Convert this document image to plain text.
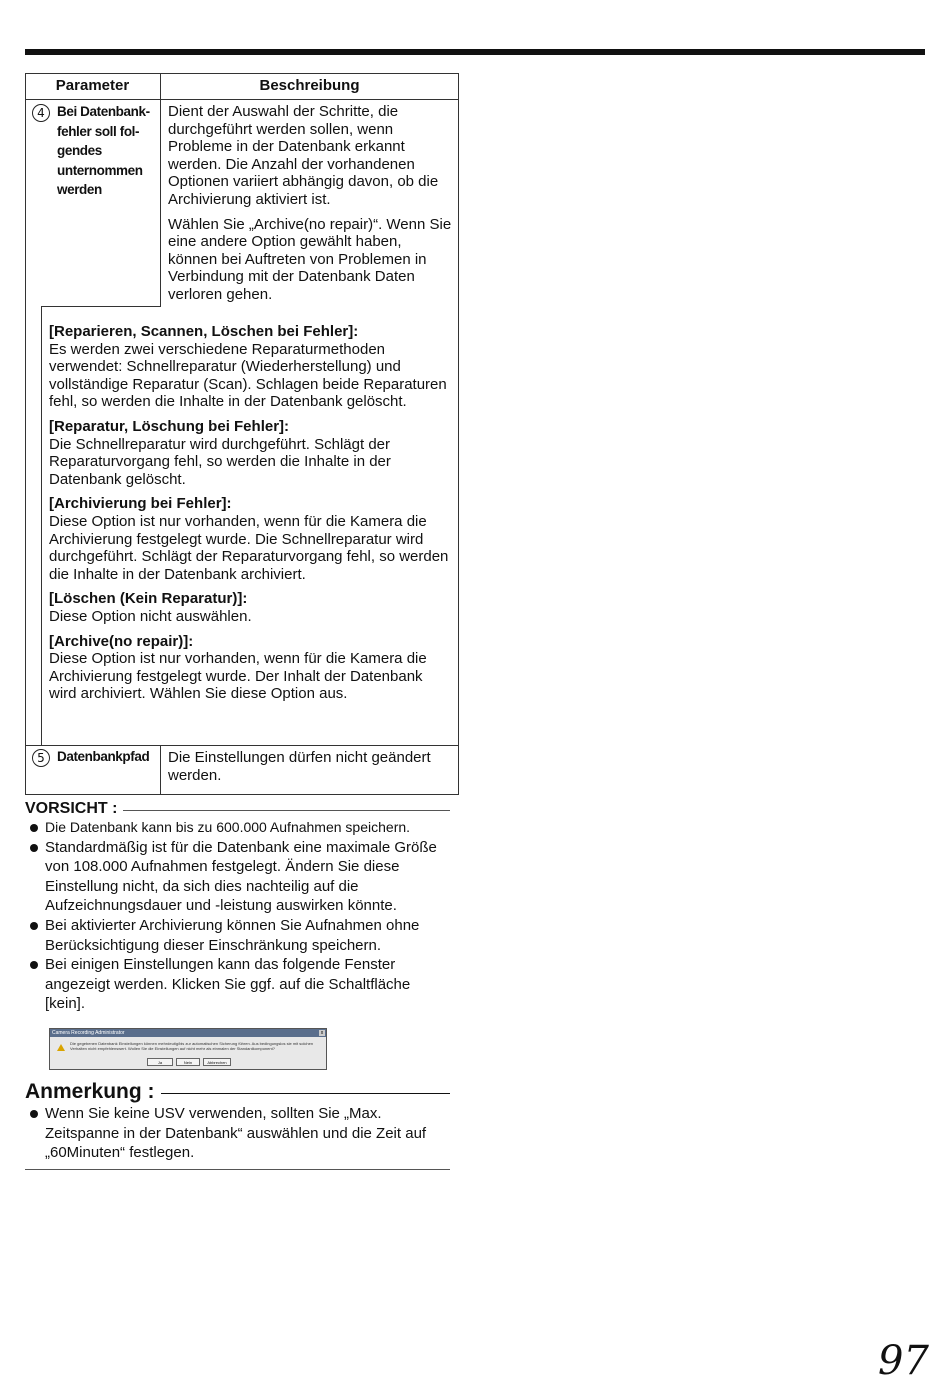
Parameter	Beschreibung
4 Bei Datenbank-
fehler soll fol-
gendes
unternommen
werden

Dient der Auswahl der Schritte, die durchgeführt werden sollen, wenn Probleme in der Datenbank erkannt werden. Die Anzahl der vorhandenen Optionen variiert abhängig davon, ob die Archivierung aktiviert ist.

Wählen Sie „Archive(no repair)“. Wenn Sie eine andere Option gewählt haben, können bei Auftreten von Problemen in Verbindung mit der Datenbank Daten verloren gehen.

[Reparieren, Scannen, Löschen bei Fehler]:
Es werden zwei verschiedene Reparaturmethoden verwendet: Schnellreparatur (Wiederherstellung) und vollständige Reparatur (Scan). Schlagen beide Reparaturen fehl, so werden die Inhalte in der Datenbank gelöscht.
[Reparatur, Löschung bei Fehler]:
Die Schnellreparatur wird durchgeführt. Schlägt der Reparaturvorgang fehl, so werden die Inhalte in der Datenbank gelöscht.
[Archivierung bei Fehler]:
Diese Option ist nur vorhanden, wenn für die Kamera die Archivierung festgelegt wurde. Die Schnellreparatur wird durchgeführt. Schlägt der Reparaturvorgang fehl, so werden die Inhalte in der Datenbank archiviert.
[Löschen (Kein Reparatur)]:
Diese Option nicht auswählen.
[Archive(no repair)]:
Diese Option ist nur vorhanden, wenn für die Kamera die Archivierung festgelegt wurde. Der Inhalt der Datenbank wird archiviert. Wählen Sie diese Option aus.
5 Datenbankpfad	Die Einstellungen dürfen nicht geändert werden.
VORSICHT :
Die Datenbank kann bis zu 600.000 Aufnahmen speichern.
Standardmäßig ist für die Datenbank eine maximale Größe von 108.000 Aufnahmen festgelegt. Ändern Sie diese Einstellung nicht, da sich dies nachteilig auf die Aufzeichnungsdauer und -leistung auswirken könnte.
Bei aktivierter Archivierung können Sie Aufnahmen ohne Berücksichtigung dieser Einschränkung speichern.
Bei einigen Einstellungen kann das folgende Fenster angezeigt werden. Klicken Sie ggf. auf die Schaltfläche [kein].
Camera Recording Administrator	x
Die gegebenen Datenbank Einstellungen können mehrdeutig/bis zur automatischen Sicherung führen. Aus bedingungslos sie mit solchen Verhalten nicht empfehlenswert. Wollen Sie die Einstellungen auf nicht mehr als einmalen der Standardkomponent?
Ja	Nein	Abbrechen
Anmerkung :
Wenn Sie keine USV verwenden, sollten Sie „Max. Zeitspanne in der Datenbank“ auswählen und die Zeit auf „60Minuten“ festlegen.
97
